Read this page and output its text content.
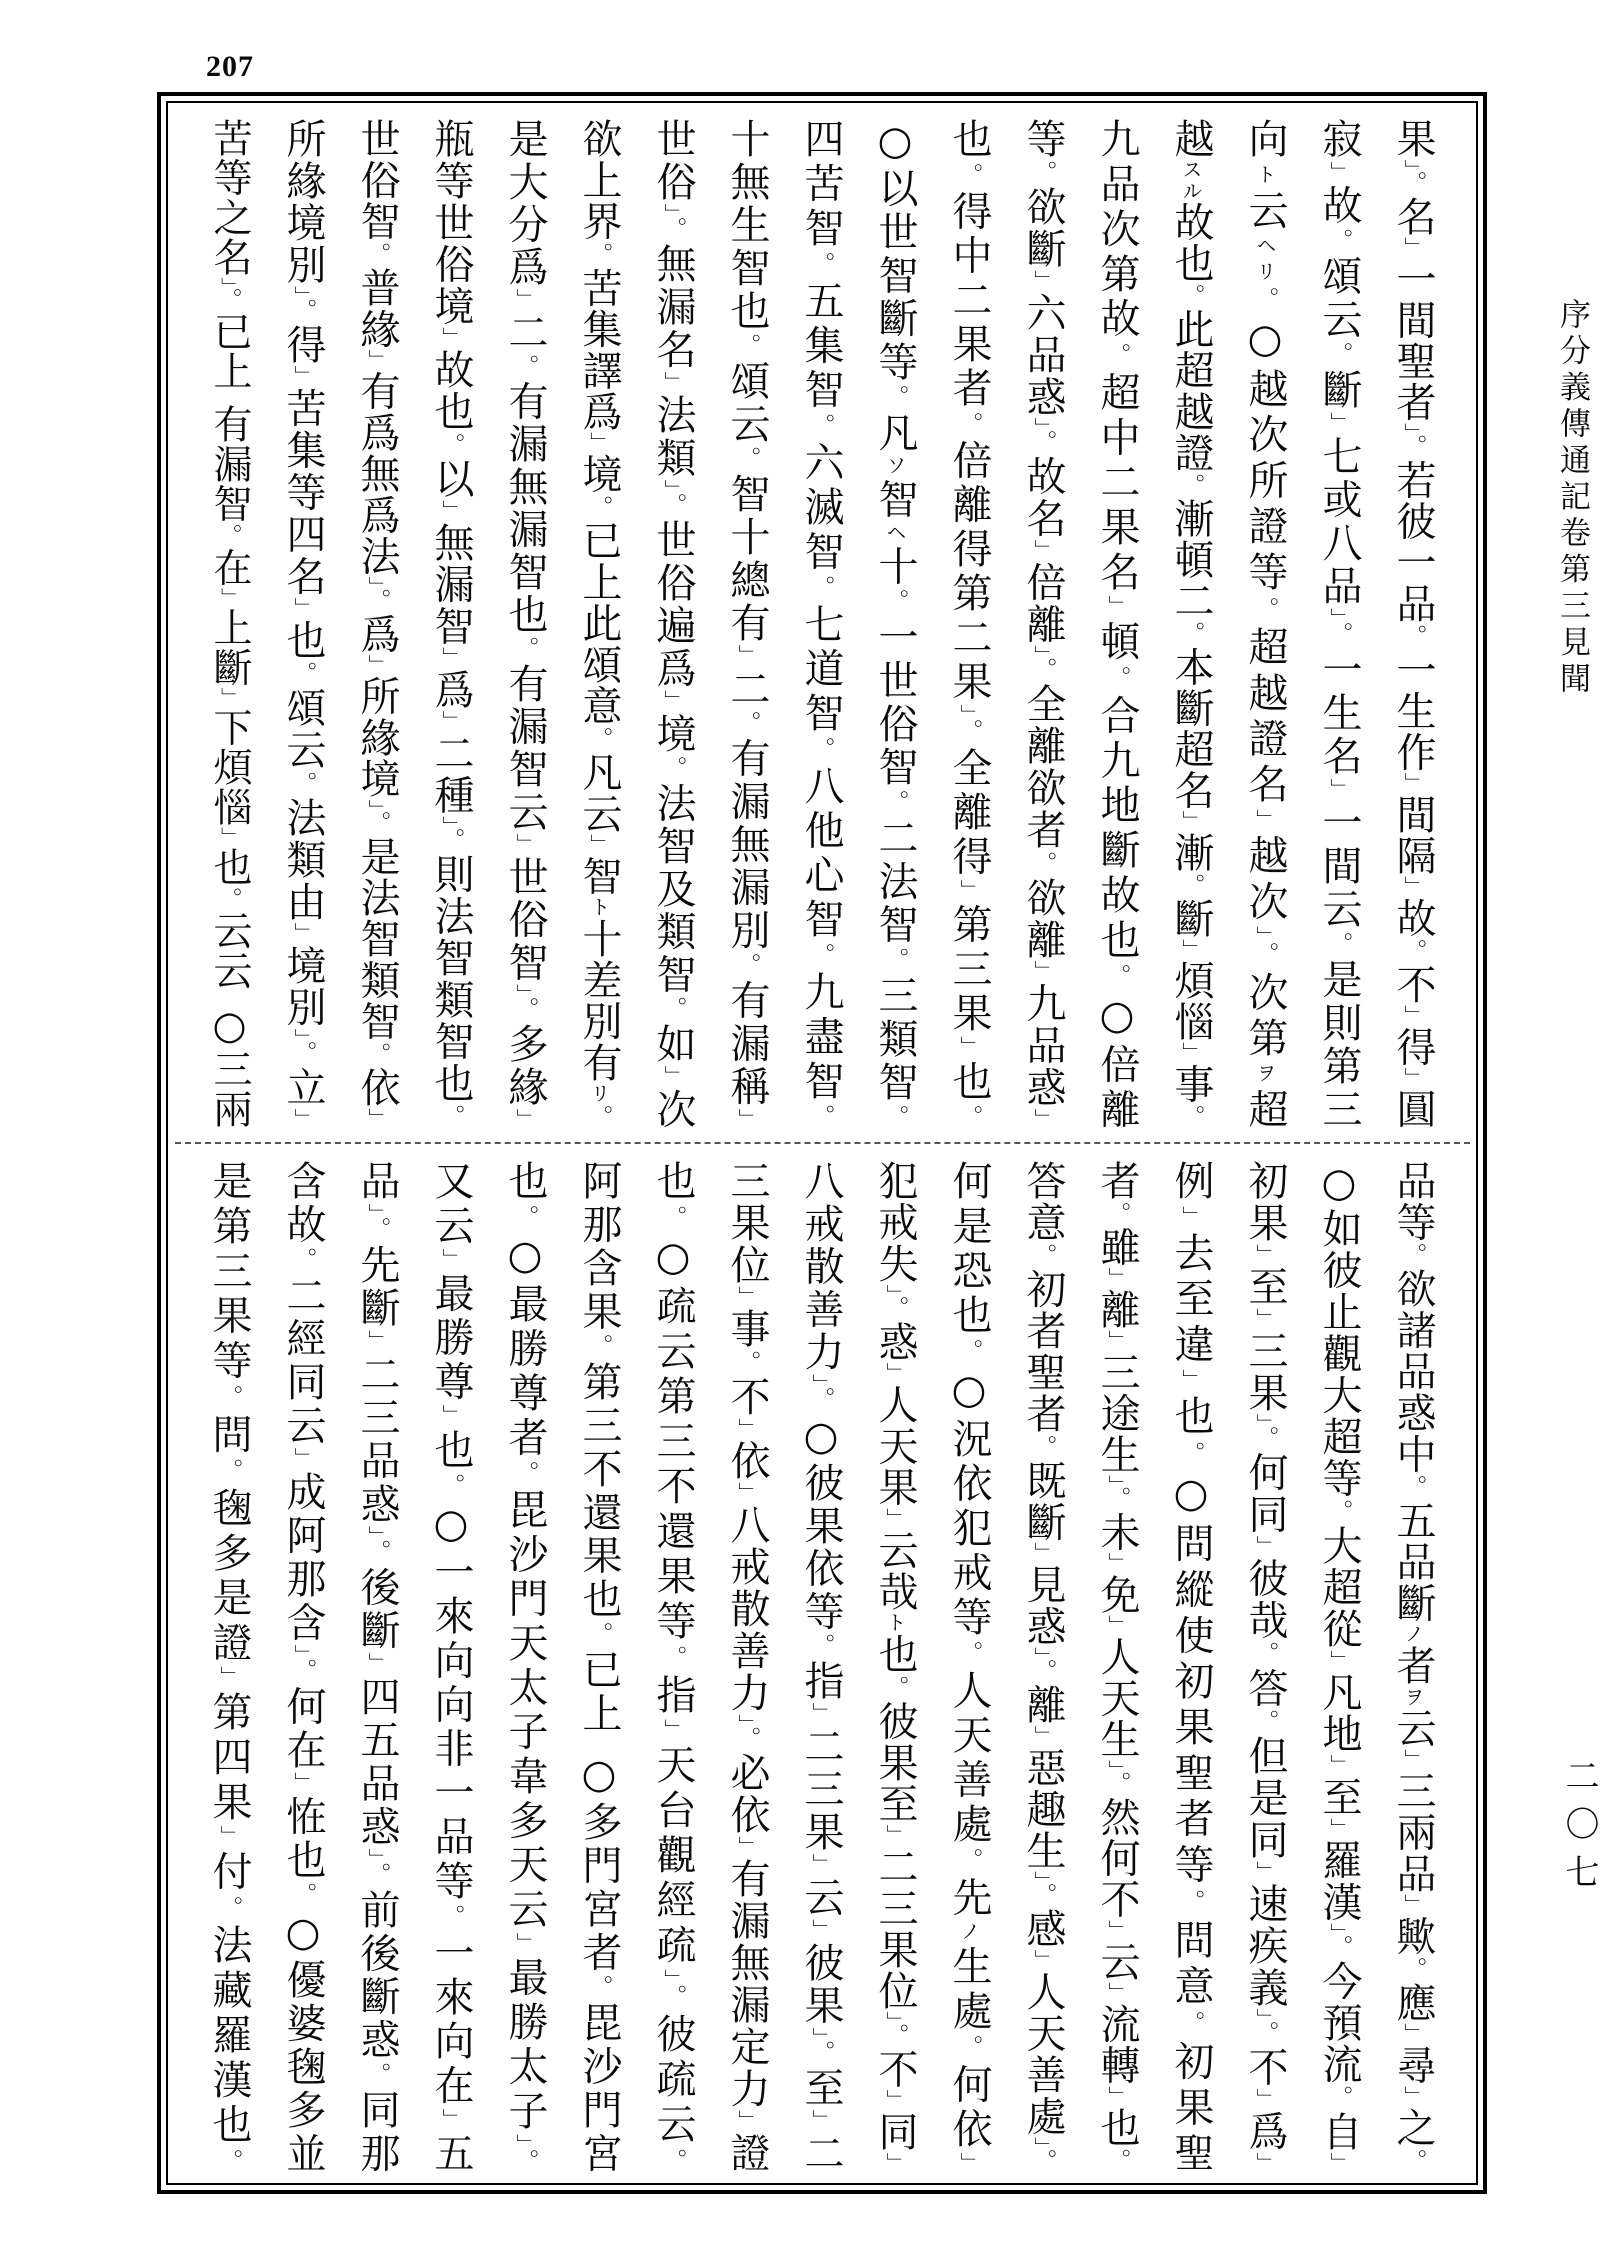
207
果」。名」一間聖者」。若彼一品。一生作」間隔」故。不」得」圓
寂」故。頌云。斷」七或八品」。一生名」一間云。是則第三
向ト云ヘリ。○越次所證等。超越證名」越次」。次第ヲ超
越スル故也。此超越證。漸頓二。本斷超名」漸。斷」煩惱」事。
九品次第故。超中二果名」頓。合九地斷故也。○倍離
等。欲斷」六品惑」。故名」倍離」。全離欲者。欲離」九品惑」
也。得中二果者。倍離得第二果」。全離得」第三果」也。
○以世智斷等。凡ソ智ヘ十。一世俗智。二法智。三類智。
四苦智。五集智。六滅智。七道智。八他心智。九盡智。
十無生智也。頌云。智十總有」二。有漏無漏別。有漏稱」
世俗」。無漏名」法類」。世俗遍爲」境。法智及類智。如」次
欲上界。苦集譯爲」境。已上此頌意。凡云」智ト十差別有リ。
是大分爲」二。有漏無漏智也。有漏智云」世俗智」。多緣」
瓶等世俗境」故也。以」無漏智」爲」二種」。則法智類智也。
世俗智。普緣」有爲無爲法」。爲」所緣境」。是法智類智。依」
所緣境別」。得」苦集等四名」也。頌云。法類由」境別」。立」
苦等之名」。已上 有漏智。在」上斷」下煩惱」也。云云 ○三兩
品等。欲諸品惑中。五品斷ノ者ヲ云」三兩品」歟。應」尋」之。
○如彼止觀大超等。大超從」凡地」至」羅漢」。今預流。自」
初果」至」三果」。何同」彼哉。答。但是同」速疾義」。不」爲」
例」去至違」也。○問縱使初果聖者等。問意。初果聖
者。雖」離」三途生」。未」免」人天生」。然何不」云」流轉」也。
答意。初者聖者。既斷」見惑」。離」惡趣生」。感」人天善處」。
何是恐也。○況依犯戒等。人天善處。先ノ生處。何依」
犯戒失」。惑」人天果」云哉ト也。彼果至」二三果位」。不」同」
八戒散善力」。○彼果依等。指」二三果」云」彼果」。至」二
三果位」事。不」依」八戒散善力」。必依」有漏無漏定力」證
也。○疏云第三不還果等。指」天台觀經疏」。彼疏云。
阿那含果。第三不還果也。已上 ○多門宮者。毘沙門宮
也。○最勝尊者。毘沙門天太子韋多天云」最勝太子」。
又云」最勝尊」也。○一來向向非一品等。一來向在」五
品」。先斷」二三品惑」。後斷」四五品惑」。前後斷惑。同那
含故。二經同云」成阿那含」。何在」恠也。○優婆毱多並
是第三果等。問。毱多是證」第四果」付。法藏羅漢也。
序分義傳通記卷第三見聞
二〇七
